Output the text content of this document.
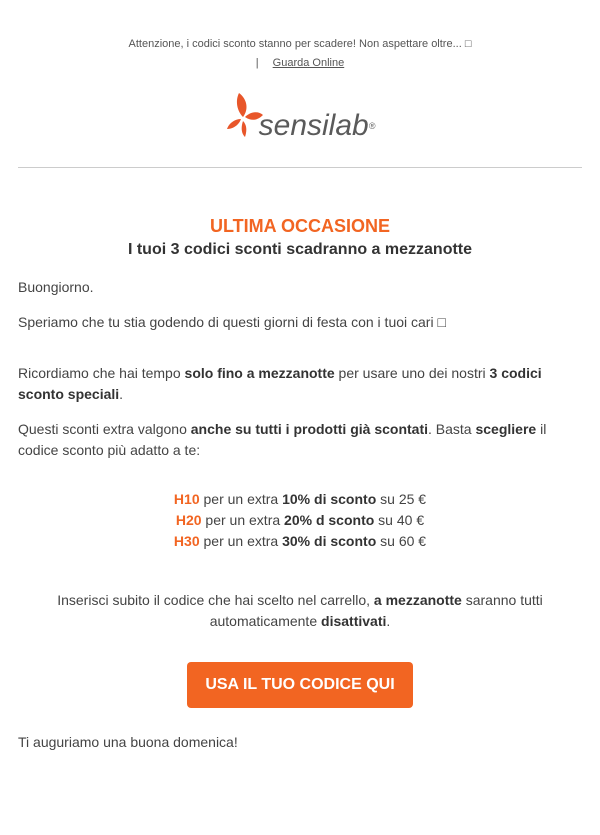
Attenzione, i codici sconto stanno per scadere! Non aspettare oltre... □
| Guarda Online
sensilab®
ULTIMA OCCASIONE
I tuoi 3 codici sconti scadranno a mezzanotte

Buongiorno.

Speriamo che tu stia godendo di questi giorni di festa con i tuoi cari □

Ricordiamo che hai tempo solo fino a mezzanotte per usare uno dei nostri 3 codici sconto speciali.

Questi sconti extra valgono anche su tutti i prodotti già scontati. Basta scegliere il codice sconto più adatto a te:

H10 per un extra 10% di sconto su 25 €
H20 per un extra 20% d sconto su 40 €
H30 per un extra 30% di sconto su 60 €

Inserisci subito il codice che hai scelto nel carrello, a mezzanotte saranno tutti automaticamente disattivati.

USA IL TUO CODICE QUI

Ti auguriamo una buona domenica!
